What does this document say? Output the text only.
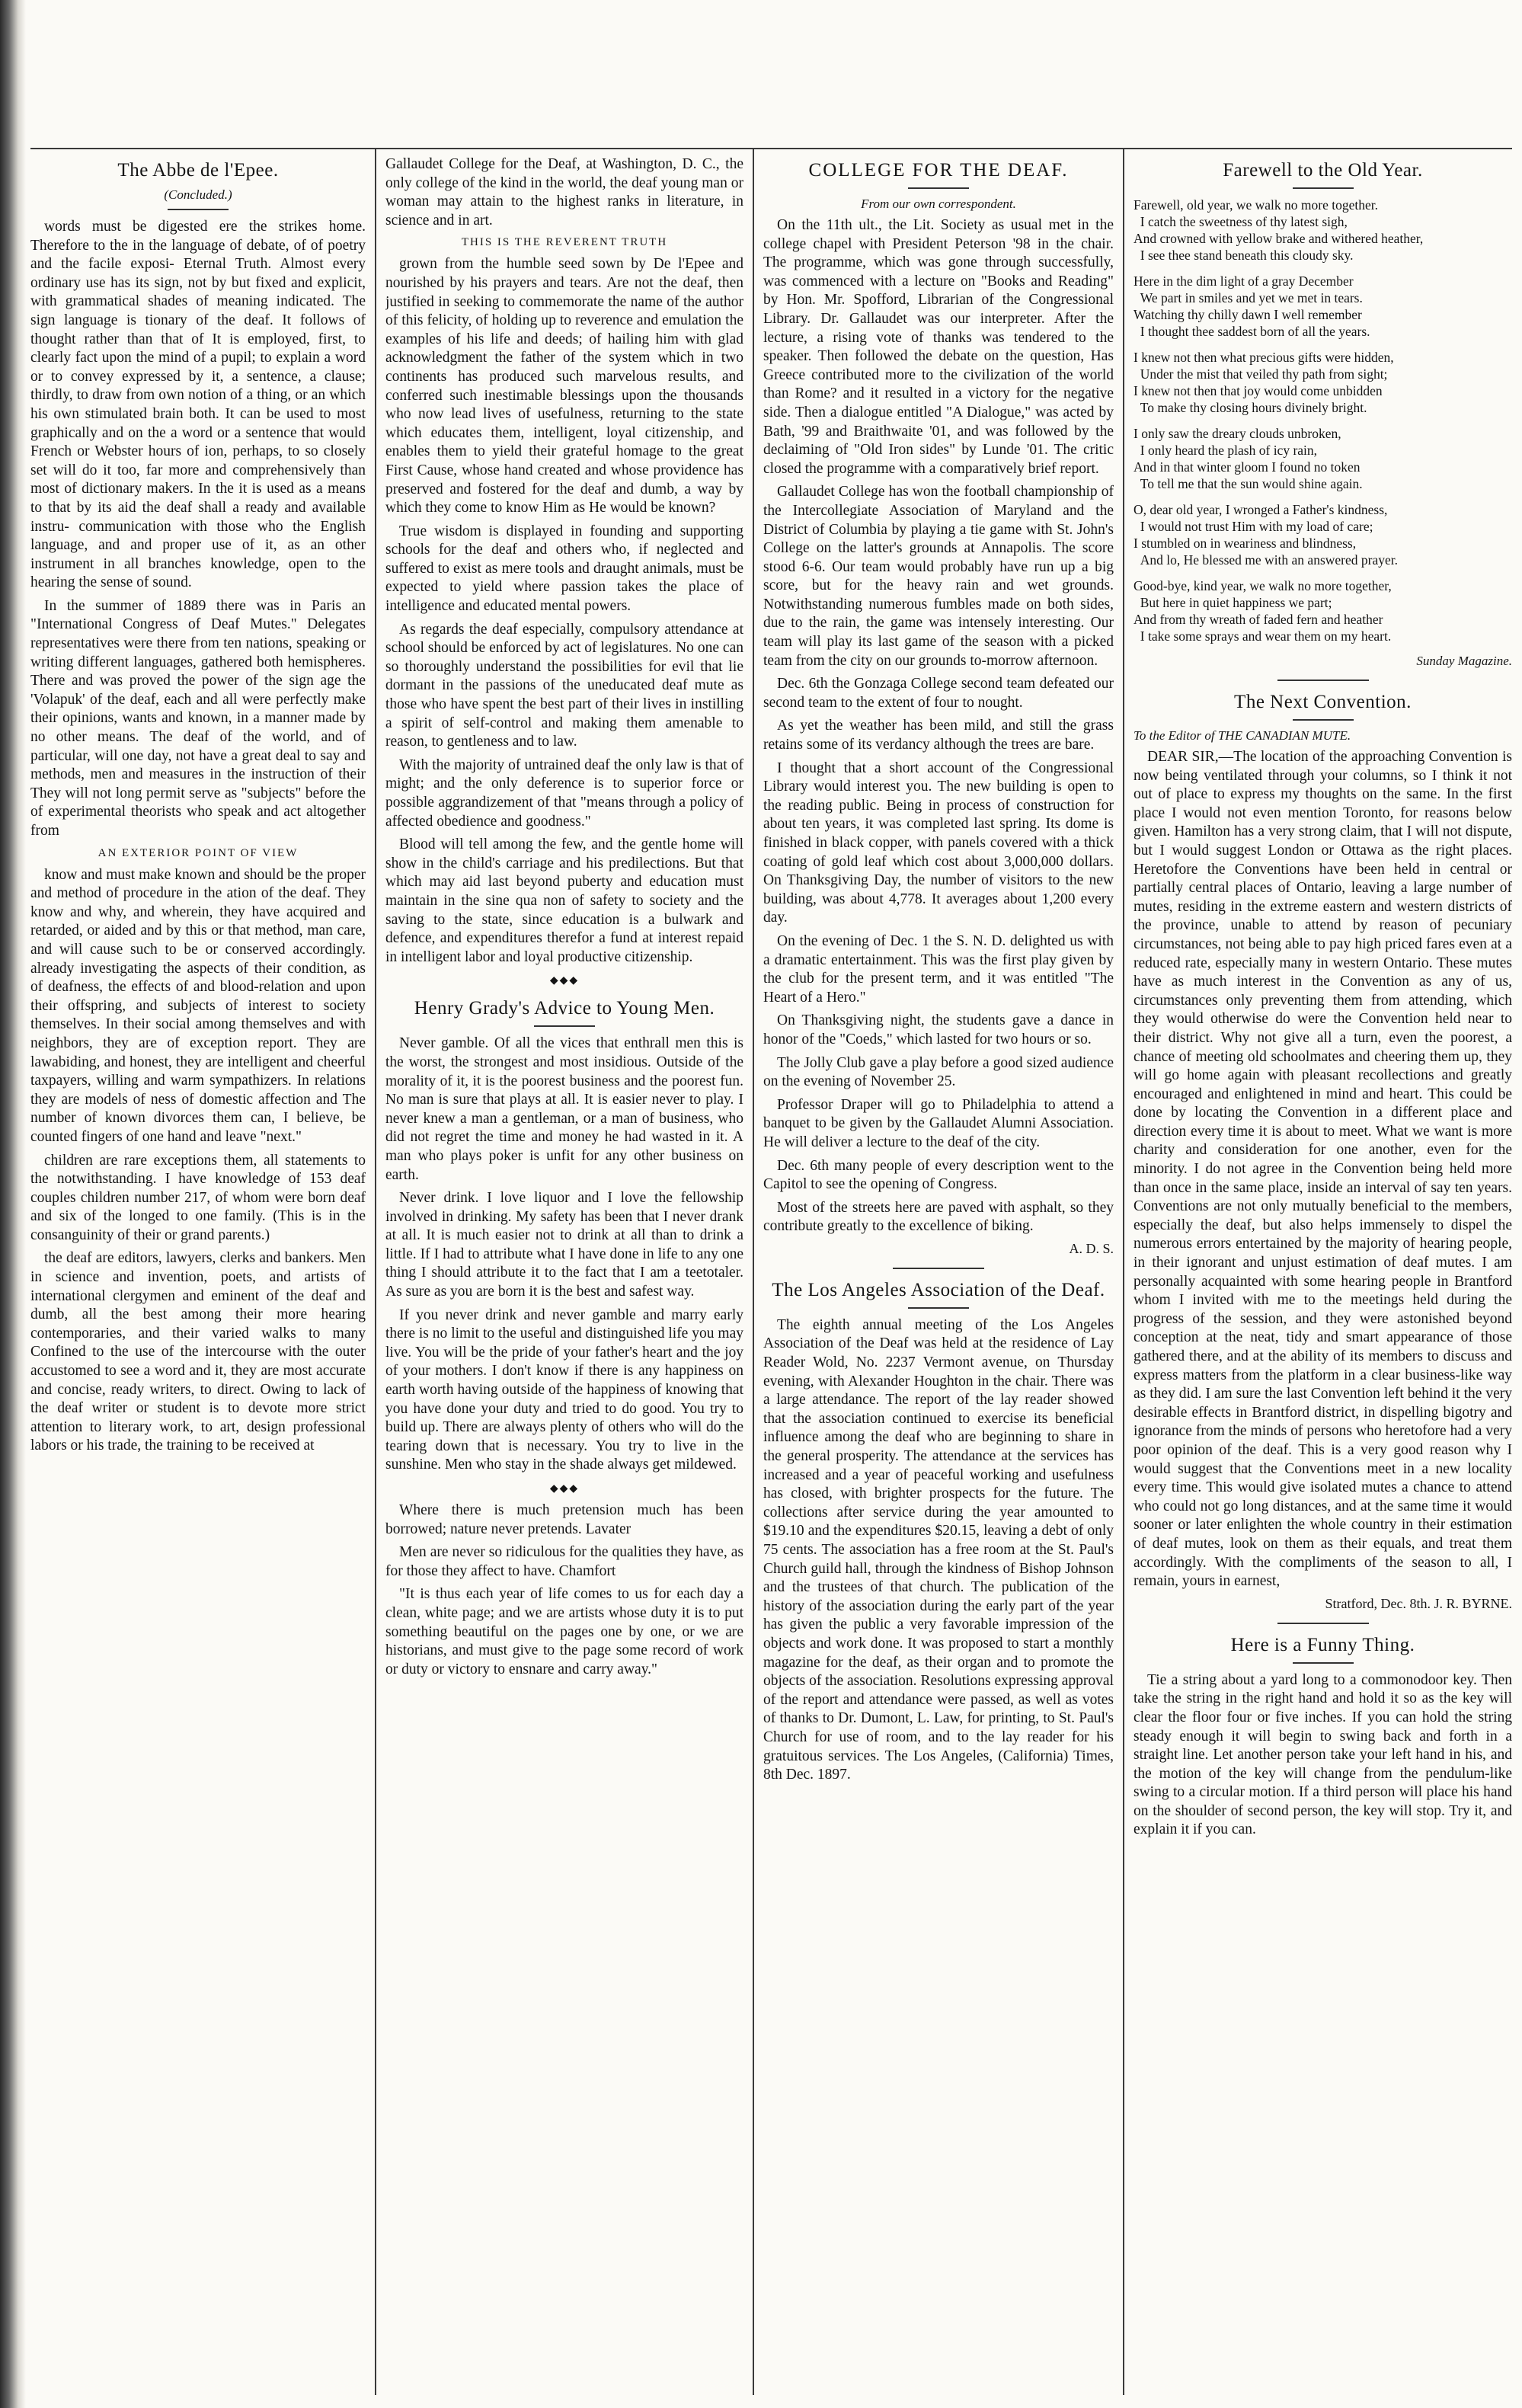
The Abbe de l'Epee.
(Concluded.)

words must be digested ere the strikes home. Therefore to the in the language of debate, of of poetry and the facile exposi- Eternal Truth. Almost every ordinary use has its sign, not by but fixed and explicit, with grammatical shades of meaning indicated. The sign language is tionary of the deaf. It follows of thought rather than that of It is employed, first, to clearly fact upon the mind of a pupil; to explain a word or to convey expressed by it, a sentence, a clause; thirdly, to draw from own notion of a thing, or an which his own stimulated brain both. It can be used to most graphically and on the a word or a sentence that would French or Webster hours of ion, perhaps, to so closely set will do it too, far more and comprehensively than most of dictionary makers. In the it is used as a means to that by its aid the deaf shall a ready and available instru- communication with those who the English language, and and proper use of it, as an other instrument in all branches knowledge, open to the hearing the sense of sound.

In the summer of 1889 there was in Paris an "International Congress of Deaf Mutes." Delegates representatives were there from ten nations, speaking or writing different languages, gathered both hemispheres. There and was proved the power of the sign age the 'Volapuk' of the deaf, each and all were perfectly make their opinions, wants and known, in a manner made by no other means. The deaf of the world, and of particular, will one day, not have a great deal to say and methods, men and measures in the instruction of their They will not long permit serve as "subjects" before the of experimental theorists who speak and act altogether from

AN EXTERIOR POINT OF VIEW

know and must make known and should be the proper and method of procedure in the ation of the deaf. They know and why, and wherein, they have acquired and retarded, or aided and by this or that method, man care, and will cause such to be or conserved accordingly. already investigating the aspects of their condition, as of deafness, the effects of and blood-relation and upon their offspring, and subjects of interest to society themselves. In their social among themselves and with neighbors, they are of exception report. They are lawabiding, and honest, they are intelligent and cheerful taxpayers, willing and warm sympathizers. In relations they are models of ness of domestic affection and The number of known divorces them can, I believe, be counted fingers of one hand and leave "next."

children are rare exceptions them, all statements to the notwithstanding. I have knowledge of 153 deaf couples children number 217, of whom were born deaf and six of the longed to one family. (This is in the consanguinity of their or grand parents.)

the deaf are editors, lawyers, clerks and bankers. Men in science and invention, poets, and artists of international clergymen and eminent of the deaf and dumb, all the best among their more hearing contemporaries, and their varied walks to many Confined to the use of the intercourse with the outer accustomed to see a word and it, they are most accurate and concise, ready writers, to direct. Owing to lack of the deaf writer or student is to devote more strict attention to literary work, to art, design professional labors or his trade, the training to be received at

Gallaudet College for the Deaf, at Washington, D. C., the only college of the kind in the world, the deaf young man or woman may attain to the highest ranks in literature, in science and in art.

THIS IS THE REVERENT TRUTH

grown from the humble seed sown by De l'Epee and nourished by his prayers and tears. Are not the deaf, then justified in seeking to commemorate the name of the author of this felicity, of holding up to reverence and emulation the examples of his life and deeds; of hailing him with glad acknowledgment the father of the system which in two continents has produced such marvelous results, and conferred such inestimable blessings upon the thousands who now lead lives of usefulness, returning to the state which educates them, intelligent, loyal citizenship, and enables them to yield their grateful homage to the great First Cause, whose hand created and whose providence has preserved and fostered for the deaf and dumb, a way by which they come to know Him as He would be known?

True wisdom is displayed in founding and supporting schools for the deaf and others who, if neglected and suffered to exist as mere tools and draught animals, must be expected to yield where passion takes the place of intelligence and educated mental powers.

As regards the deaf especially, compulsory attendance at school should be enforced by act of legislatures. No one can so thoroughly understand the possibilities for evil that lie dormant in the passions of the uneducated deaf mute as those who have spent the best part of their lives in instilling a spirit of self-control and making them amenable to reason, to gentleness and to law.

With the majority of untrained deaf the only law is that of might; and the only deference is to superior force or possible aggrandizement of that "means through a policy of affected obedience and goodness."

Blood will tell among the few, and the gentle home will show in the child's carriage and his predilections. But that which may aid last beyond puberty and education must maintain in the sine qua non of safety to society and the saving to the state, since education is a bulwark and defence, and expenditures therefor a fund at interest repaid in intelligent labor and loyal productive citizenship.

◆◆◆
Henry Grady's Advice to Young Men.

Never gamble. Of all the vices that enthrall men this is the worst, the strongest and most insidious. Outside of the morality of it, it is the poorest business and the poorest fun. No man is sure that plays at all. It is easier never to play. I never knew a man a gentleman, or a man of business, who did not regret the time and money he had wasted in it. A man who plays poker is unfit for any other business on earth.

Never drink. I love liquor and I love the fellowship involved in drinking. My safety has been that I never drank at all. It is much easier not to drink at all than to drink a little. If I had to attribute what I have done in life to any one thing I should attribute it to the fact that I am a teetotaler. As sure as you are born it is the best and safest way.

If you never drink and never gamble and marry early there is no limit to the useful and distinguished life you may live. You will be the pride of your father's heart and the joy of your mothers. I don't know if there is any happiness on earth worth having outside of the happiness of knowing that you have done your duty and tried to do good. You try to build up. There are always plenty of others who will do the tearing down that is necessary. You try to live in the sunshine. Men who stay in the shade always get mildewed.

◆◆◆

Where there is much pretension much has been borrowed; nature never pretends. Lavater

Men are never so ridiculous for the qualities they have, as for those they affect to have. Chamfort

"It is thus each year of life comes to us for each day a clean, white page; and we are artists whose duty it is to put something beautiful on the pages one by one, or we are historians, and must give to the page some record of work or duty or victory to ensnare and carry away."

COLLEGE FOR THE DEAF.
From our own correspondent.

On the 11th ult., the Lit. Society as usual met in the college chapel with President Peterson '98 in the chair. The programme, which was gone through successfully, was commenced with a lecture on "Books and Reading" by Hon. Mr. Spofford, Librarian of the Congressional Library. Dr. Gallaudet was our interpreter. After the lecture, a rising vote of thanks was tendered to the speaker. Then followed the debate on the question, Has Greece contributed more to the civilization of the world than Rome? and it resulted in a victory for the negative side. Then a dialogue entitled "A Dialogue," was acted by Bath, '99 and Braithwaite '01, and was followed by the declaiming of "Old Iron sides" by Lunde '01. The critic closed the programme with a comparatively brief report.

Gallaudet College has won the football championship of the Intercollegiate Association of Maryland and the District of Columbia by playing a tie game with St. John's College on the latter's grounds at Annapolis. The score stood 6-6. Our team would probably have run up a big score, but for the heavy rain and wet grounds. Notwithstanding numerous fumbles made on both sides, due to the rain, the game was intensely interesting. Our team will play its last game of the season with a picked team from the city on our grounds to-morrow afternoon.

Dec. 6th the Gonzaga College second team defeated our second team to the extent of four to nought.

As yet the weather has been mild, and still the grass retains some of its verdancy although the trees are bare.

I thought that a short account of the Congressional Library would interest you. The new building is open to the reading public. Being in process of construction for about ten years, it was completed last spring. Its dome is finished in black copper, with panels covered with a thick coating of gold leaf which cost about 3,000,000 dollars. On Thanksgiving Day, the number of visitors to the new building, was about 4,778. It averages about 1,200 every day.

On the evening of Dec. 1 the S. N. D. delighted us with a dramatic entertainment. This was the first play given by the club for the present term, and it was entitled "The Heart of a Hero."

On Thanksgiving night, the students gave a dance in honor of the "Coeds," which lasted for two hours or so.

The Jolly Club gave a play before a good sized audience on the evening of November 25.

Professor Draper will go to Philadelphia to attend a banquet to be given by the Gallaudet Alumni Association. He will deliver a lecture to the deaf of the city.

Dec. 6th many people of every description went to the Capitol to see the opening of Congress.

Most of the streets here are paved with asphalt, so they contribute greatly to the excellence of biking.

A. D. S.
The Los Angeles Association of the Deaf.

The eighth annual meeting of the Los Angeles Association of the Deaf was held at the residence of Lay Reader Wold, No. 2237 Vermont avenue, on Thursday evening, with Alexander Houghton in the chair. There was a large attendance. The report of the lay reader showed that the association continued to exercise its beneficial influence among the deaf who are beginning to share in the general prosperity. The attendance at the services has increased and a year of peaceful working and usefulness has closed, with brighter prospects for the future. The collections after service during the year amounted to $19.10 and the expenditures $20.15, leaving a debt of only 75 cents. The association has a free room at the St. Paul's Church guild hall, through the kindness of Bishop Johnson and the trustees of that church. The publication of the history of the association during the early part of the year has given the public a very favorable impression of the objects and work done. It was proposed to start a monthly magazine for the deaf, as their organ and to promote the objects of the association. Resolutions expressing approval of the report and attendance were passed, as well as votes of thanks to Dr. Dumont, L. Law, for printing, to St. Paul's Church for use of room, and to the lay reader for his gratuitous services. The Los Angeles, (California) Times, 8th Dec. 1897.

Farewell to the Old Year.
Farewell, old year, we walk no more together.
I catch the sweetness of thy latest sigh,
And crowned with yellow brake and withered heather,
I see thee stand beneath this cloudy sky.
Here in the dim light of a gray December
We part in smiles and yet we met in tears.
Watching thy chilly dawn I well remember
I thought thee saddest born of all the years.
I knew not then what precious gifts were hidden,
Under the mist that veiled thy path from sight;
I knew not then that joy would come unbidden
To make thy closing hours divinely bright.
I only saw the dreary clouds unbroken,
I only heard the plash of icy rain,
And in that winter gloom I found no token
To tell me that the sun would shine again.
O, dear old year, I wronged a Father's kindness,
I would not trust Him with my load of care;
I stumbled on in weariness and blindness,
And lo, He blessed me with an answered prayer.
Good-bye, kind year, we walk no more together,
But here in quiet happiness we part;
And from thy wreath of faded fern and heather
I take some sprays and wear them on my heart.
Sunday Magazine.
The Next Convention.
To the Editor of THE CANADIAN MUTE.

DEAR SIR,—The location of the approaching Convention is now being ventilated through your columns, so I think it not out of place to express my thoughts on the same. In the first place I would not even mention Toronto, for reasons below given. Hamilton has a very strong claim, that I will not dispute, but I would suggest London or Ottawa as the right places. Heretofore the Conventions have been held in central or partially central places of Ontario, leaving a large number of mutes, residing in the extreme eastern and western districts of the province, unable to attend by reason of pecuniary circumstances, not being able to pay high priced fares even at a reduced rate, especially many in western Ontario. These mutes have as much interest in the Convention as any of us, circumstances only preventing them from attending, which they would otherwise do were the Convention held near to their district. Why not give all a turn, even the poorest, a chance of meeting old schoolmates and cheering them up, they will go home again with pleasant recollections and greatly encouraged and enlightened in mind and heart. This could be done by locating the Convention in a different place and direction every time it is about to meet. What we want is more charity and consideration for one another, even for the minority. I do not agree in the Convention being held more than once in the same place, inside an interval of say ten years. Conventions are not only mutually beneficial to the members, especially the deaf, but also helps immensely to dispel the numerous errors entertained by the majority of hearing people, in their ignorant and unjust estimation of deaf mutes. I am personally acquainted with some hearing people in Brantford whom I invited with me to the meetings held during the progress of the session, and they were astonished beyond conception at the neat, tidy and smart appearance of those gathered there, and at the ability of its members to discuss and express matters from the platform in a clear business-like way as they did. I am sure the last Convention left behind it the very desirable effects in Brantford district, in dispelling bigotry and ignorance from the minds of persons who heretofore had a very poor opinion of the deaf. This is a very good reason why I would suggest that the Conventions meet in a new locality every time. This would give isolated mutes a chance to attend who could not go long distances, and at the same time it would sooner or later enlighten the whole country in their estimation of deaf mutes, look on them as their equals, and treat them accordingly. With the compliments of the season to all, I remain, yours in earnest,

Stratford, Dec. 8th. J. R. BYRNE.
Here is a Funny Thing.

Tie a string about a yard long to a commonodoor key. Then take the string in the right hand and hold it so as the key will clear the floor four or five inches. If you can hold the string steady enough it will begin to swing back and forth in a straight line. Let another person take your left hand in his, and the motion of the key will change from the pendulum-like swing to a circular motion. If a third person will place his hand on the shoulder of second person, the key will stop. Try it, and explain it if you can.
